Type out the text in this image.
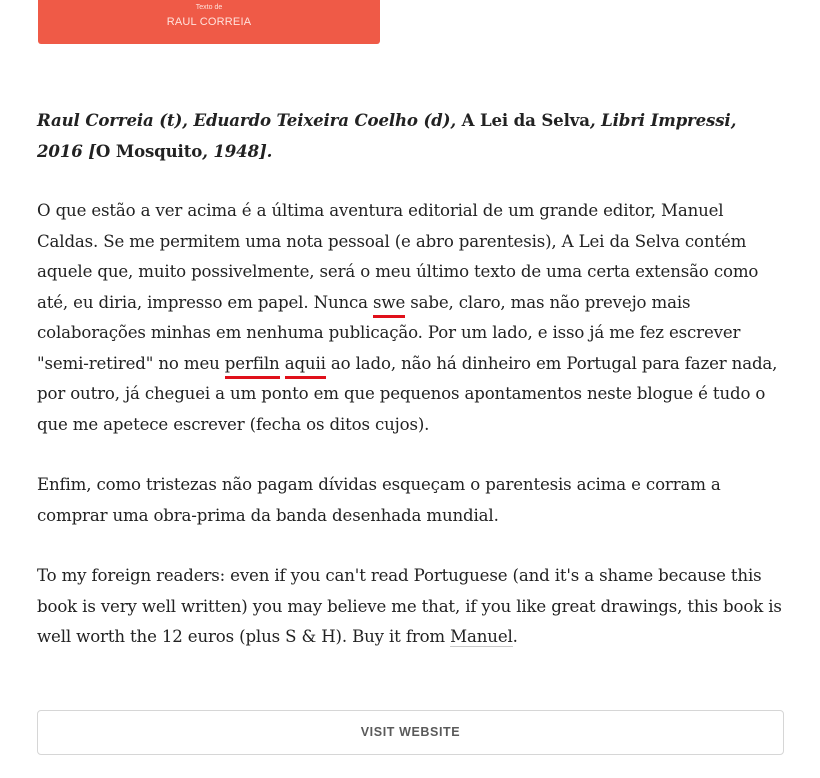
Texto de
RAUL CORREIA

Raul Correia (t), Eduardo Teixeira Coelho (d), A Lei da Selva, Libri Impressi, 2016 [O Mosquito, 1948].

O que estão a ver acima é a última aventura editorial de um grande editor, Manuel Caldas. Se me permitem uma nota pessoal (e abro parentesis), A Lei da Selva contém aquele que, muito possivelmente, será o meu último texto de uma certa extensão como até, eu diria, impresso em papel. Nunca swe sabe, claro, mas não prevejo mais colaborações minhas em nenhuma publicação. Por um lado, e isso já me fez escrever "semi-retired" no meu perfiln aquii ao lado, não há dinheiro em Portugal para fazer nada, por outro, já cheguei a um ponto em que pequenos apontamentos neste blogue é tudo o que me apetece escrever (fecha os ditos cujos).

Enfim, como tristezas não pagam dívidas esqueçam o parentesis acima e corram a comprar uma obra-prima da banda desenhada mundial.

To my foreign readers: even if you can't read Portuguese (and it's a shame because this book is very well written) you may believe me that, if you like great drawings, this book is well worth the 12 euros (plus S & H). Buy it from Manuel.

VISIT WEBSITE
